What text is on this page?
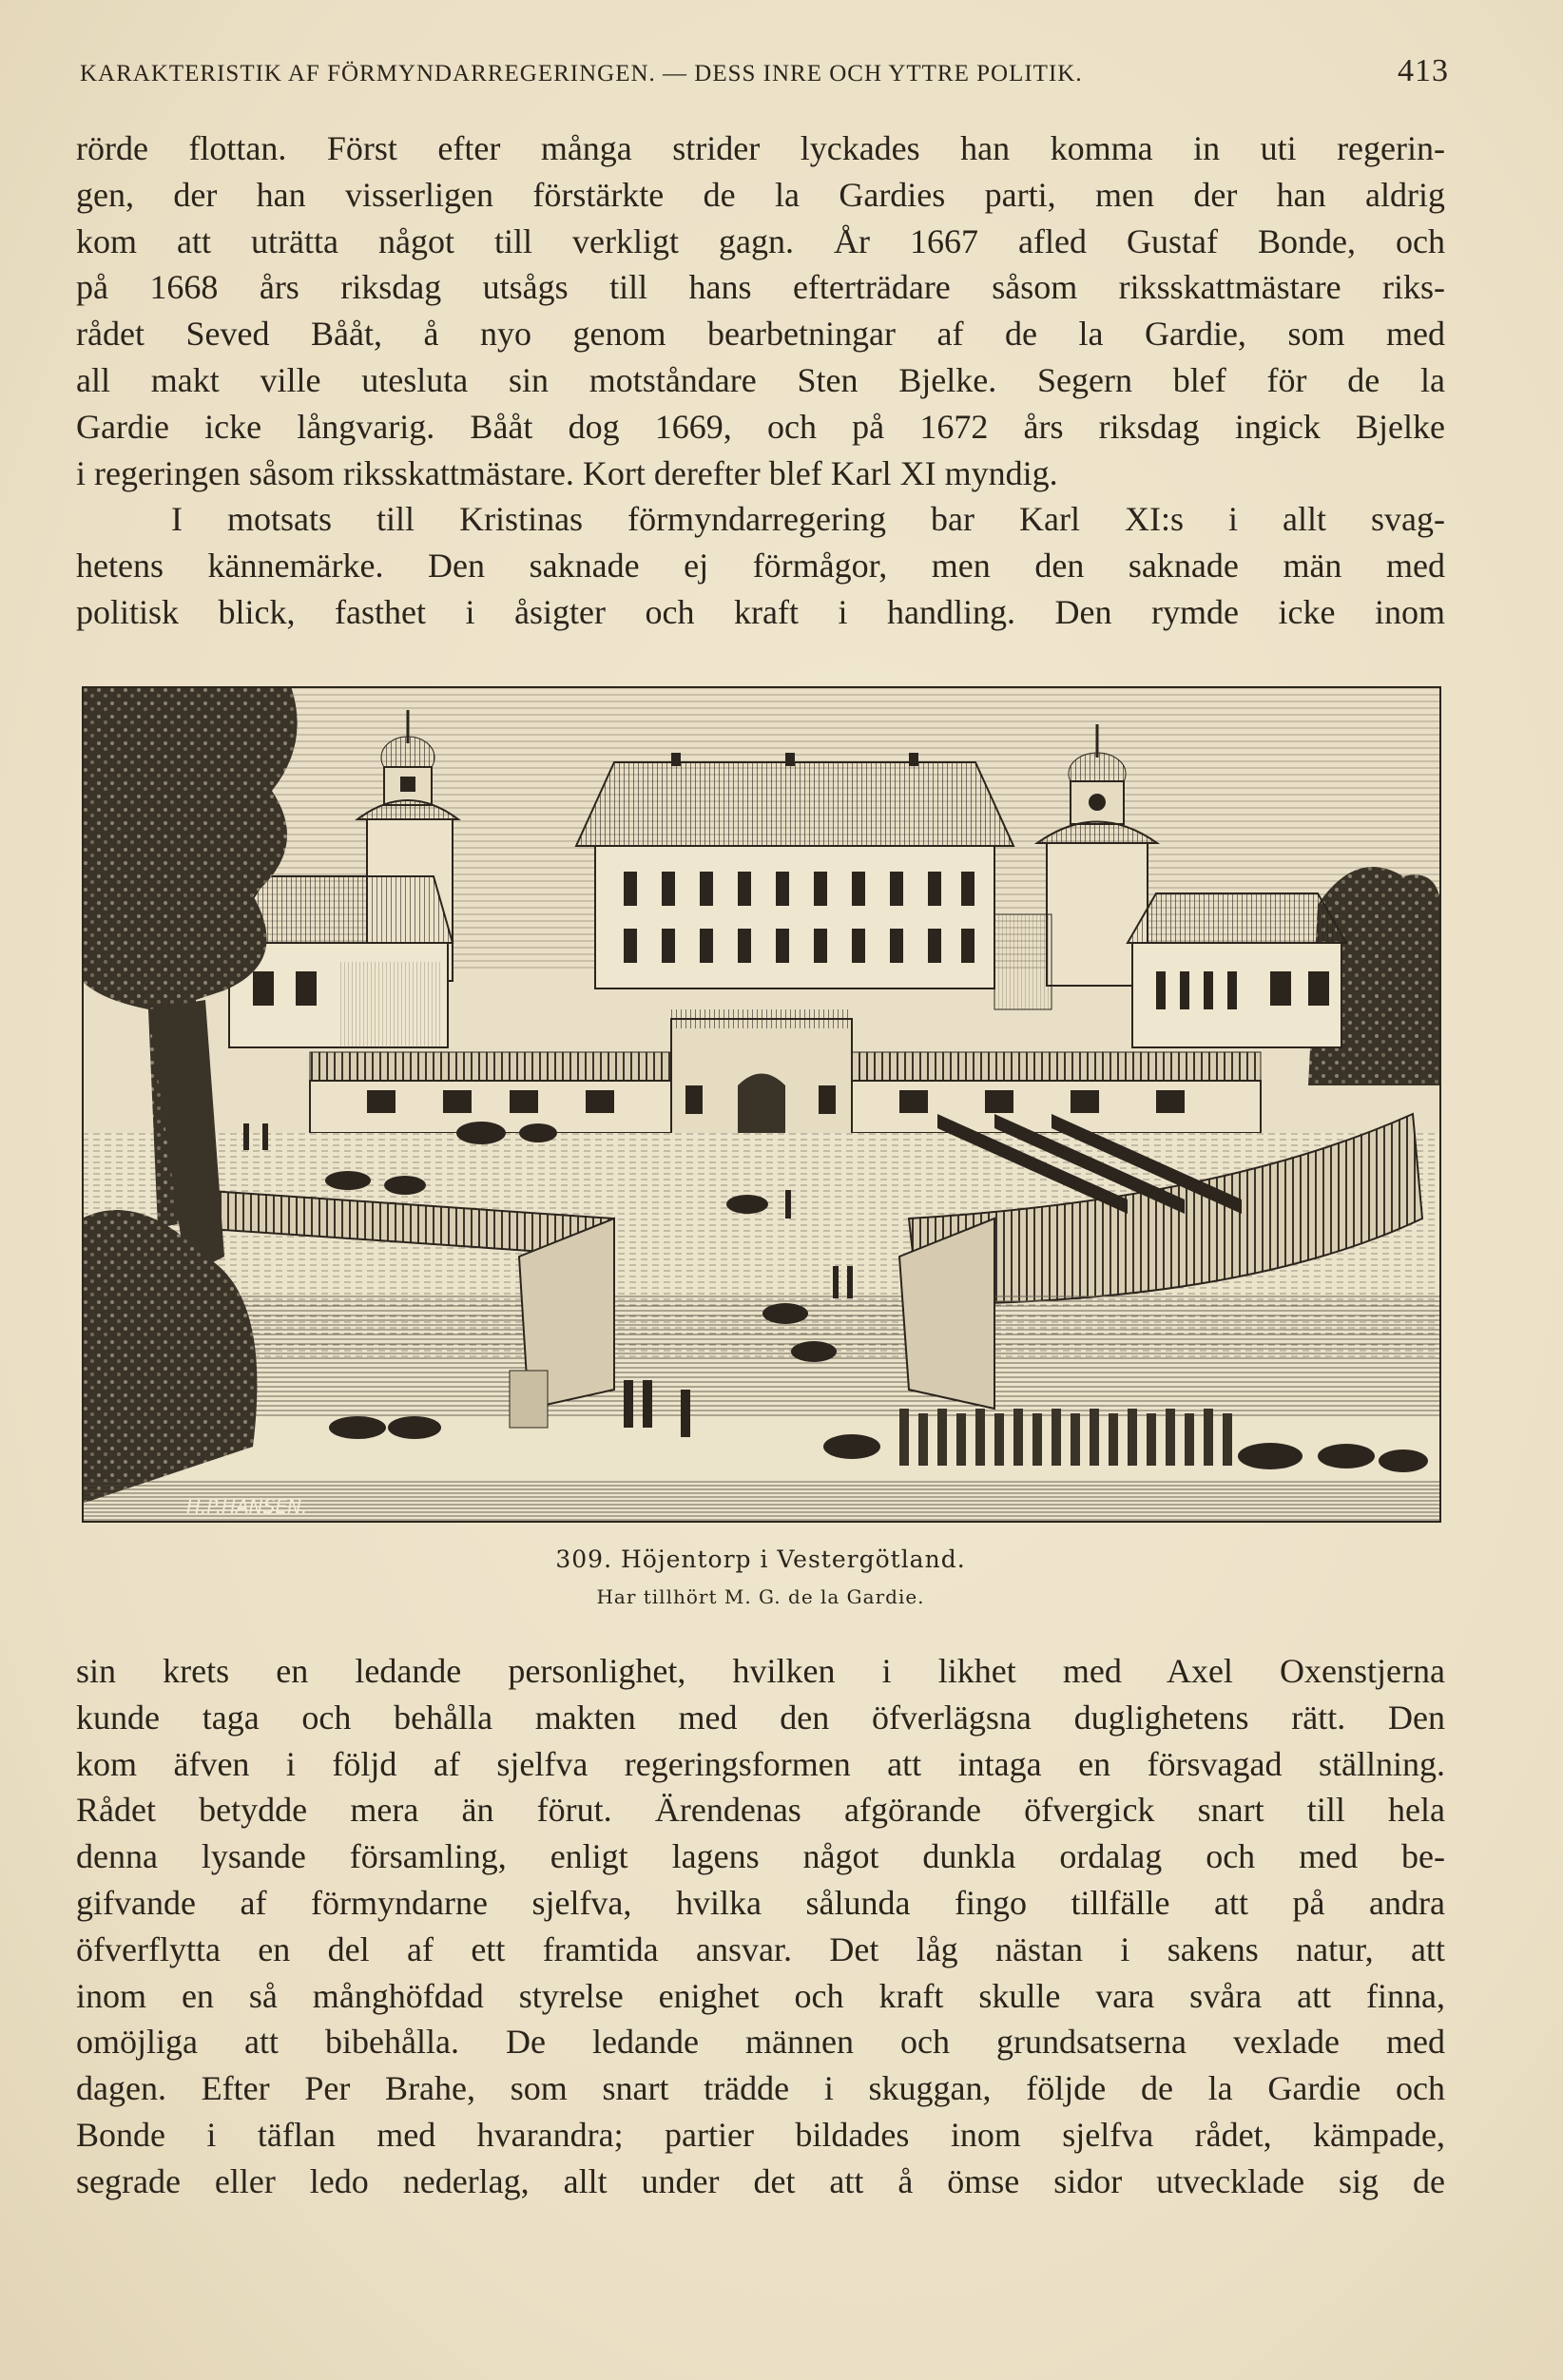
KARAKTERISTIK AF FÖRMYNDARREGERINGEN. — DESS INRE OCH YTTRE POLITIK.	413
rörde flottan. Först efter många strider lyckades han komma in uti regerin-
gen, der han visserligen förstärkte de la Gardies parti, men der han aldrig
kom att uträtta något till verkligt gagn. År 1667 afled Gustaf Bonde, och
på 1668 års riksdag utsågs till hans efterträdare såsom riksskattmästare riks-
rådet Seved Bååt, å nyo genom bearbetningar af de la Gardie, som med
all makt ville utesluta sin motståndare Sten Bjelke. Segern blef för de la
Gardie icke långvarig. Bååt dog 1669, och på 1672 års riksdag ingick Bjelke
i regeringen såsom riksskattmästare. Kort derefter blef Karl XI myndig.
I motsats till Kristinas förmyndarregering bar Karl XI:s i allt svag-
hetens kännemärke. Den saknade ej förmågor, men den saknade män med
politisk blick, fasthet i åsigter och kraft i handling. Den rymde icke inom
H.P.HANSEN.
309. Höjentorp i Vestergötland.
Har tillhört M. G. de la Gardie.
sin krets en ledande personlighet, hvilken i likhet med Axel Oxenstjerna
kunde taga och behålla makten med den öfverlägsna duglighetens rätt. Den
kom äfven i följd af sjelfva regeringsformen att intaga en försvagad ställning.
Rådet betydde mera än förut. Ärendenas afgörande öfvergick snart till hela
denna lysande församling, enligt lagens något dunkla ordalag och med be-
gifvande af förmyndarne sjelfva, hvilka sålunda fingo tillfälle att på andra
öfverflytta en del af ett framtida ansvar. Det låg nästan i sakens natur, att
inom en så månghöfdad styrelse enighet och kraft skulle vara svåra att finna,
omöjliga att bibehålla. De ledande männen och grundsatserna vexlade med
dagen. Efter Per Brahe, som snart trädde i skuggan, följde de la Gardie och
Bonde i täflan med hvarandra; partier bildades inom sjelfva rådet, kämpade,
segrade eller ledo nederlag, allt under det att å ömse sidor utvecklade sig de
